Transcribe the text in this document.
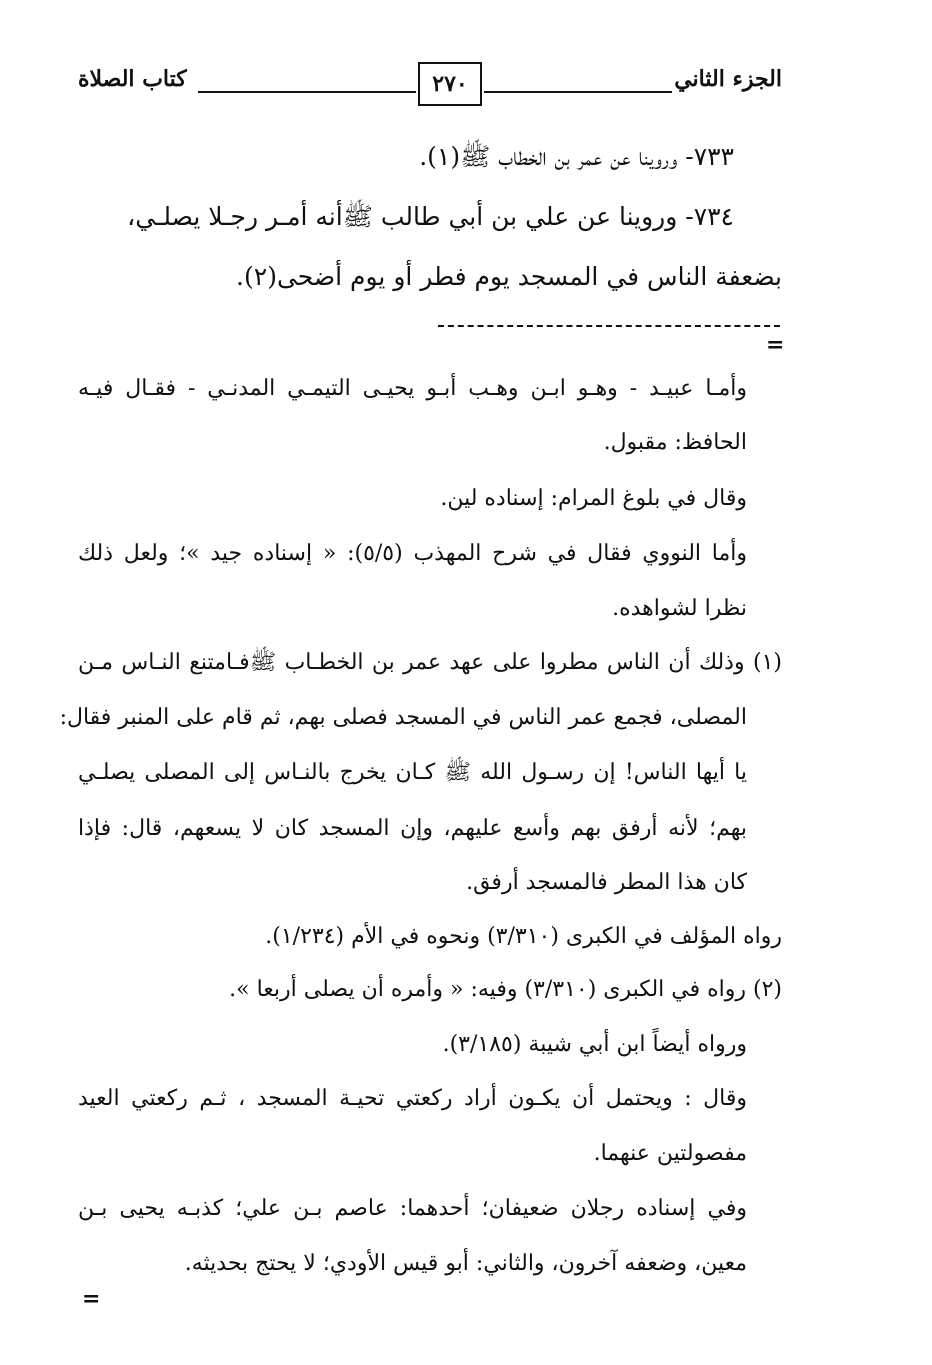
الجزء الثاني
٢٧٠
كتاب الصلاة
٧٣٣- وروينا عن عمر بن الخطاب ﷺ(١).
٧٣٤- وروينا عن علي بن أبي طالب ﷺأنه أمـر رجـلا يصلـي،
بضعفة الناس في المسجد يوم فطر أو يوم أضحى(٢).
=
وأمـا عبيـد - وهـو ابـن وهـب أبـو يحيـى التيمـي المدنـي - فقـال فيـه
الحافظ: مقبول.
وقال في بلوغ المرام: إسناده لين.
وأما النووي فقال في شرح المهذب (٥/٥): « إسناده جيد »؛ ولعل ذلك
نظرا لشواهده.
(١) وذلك أن الناس مطروا على عهد عمر بن الخطـاب ﷺفـامتنع النـاس مـن
المصلى، فجمع عمر الناس في المسجد فصلى بهم، ثم قام على المنبر فقال:
يا أيها الناس! إن رسـول الله ﷺ كـان يخرج بالنـاس إلى المصلى يصلـي
بهم؛ لأنه أرفق بهم وأسع عليهم، وإن المسجد كان لا يسعهم، قال: فإذا
كان هذا المطر فالمسجد أرفق.
رواه المؤلف في الكبرى (٣/٣١٠) ونحوه في الأم (١/٢٣٤).
(٢) رواه في الكبرى (٣/٣١٠) وفيه: « وأمره أن يصلى أربعا ».
ورواه أيضاً ابن أبي شيبة (٣/١٨٥).
وقال : ويحتمل أن يكـون أراد ركعتي تحيـة المسجد ، ثـم ركعتي العيد
مفصولتين عنهما.
وفي إسناده رجلان ضعيفان؛ أحدهما: عاصم بـن علي؛ كذبـه يحيى بـن
معين، وضعفه آخرون، والثاني: أبو قيس الأودي؛ لا يحتج بحديثه.
=
